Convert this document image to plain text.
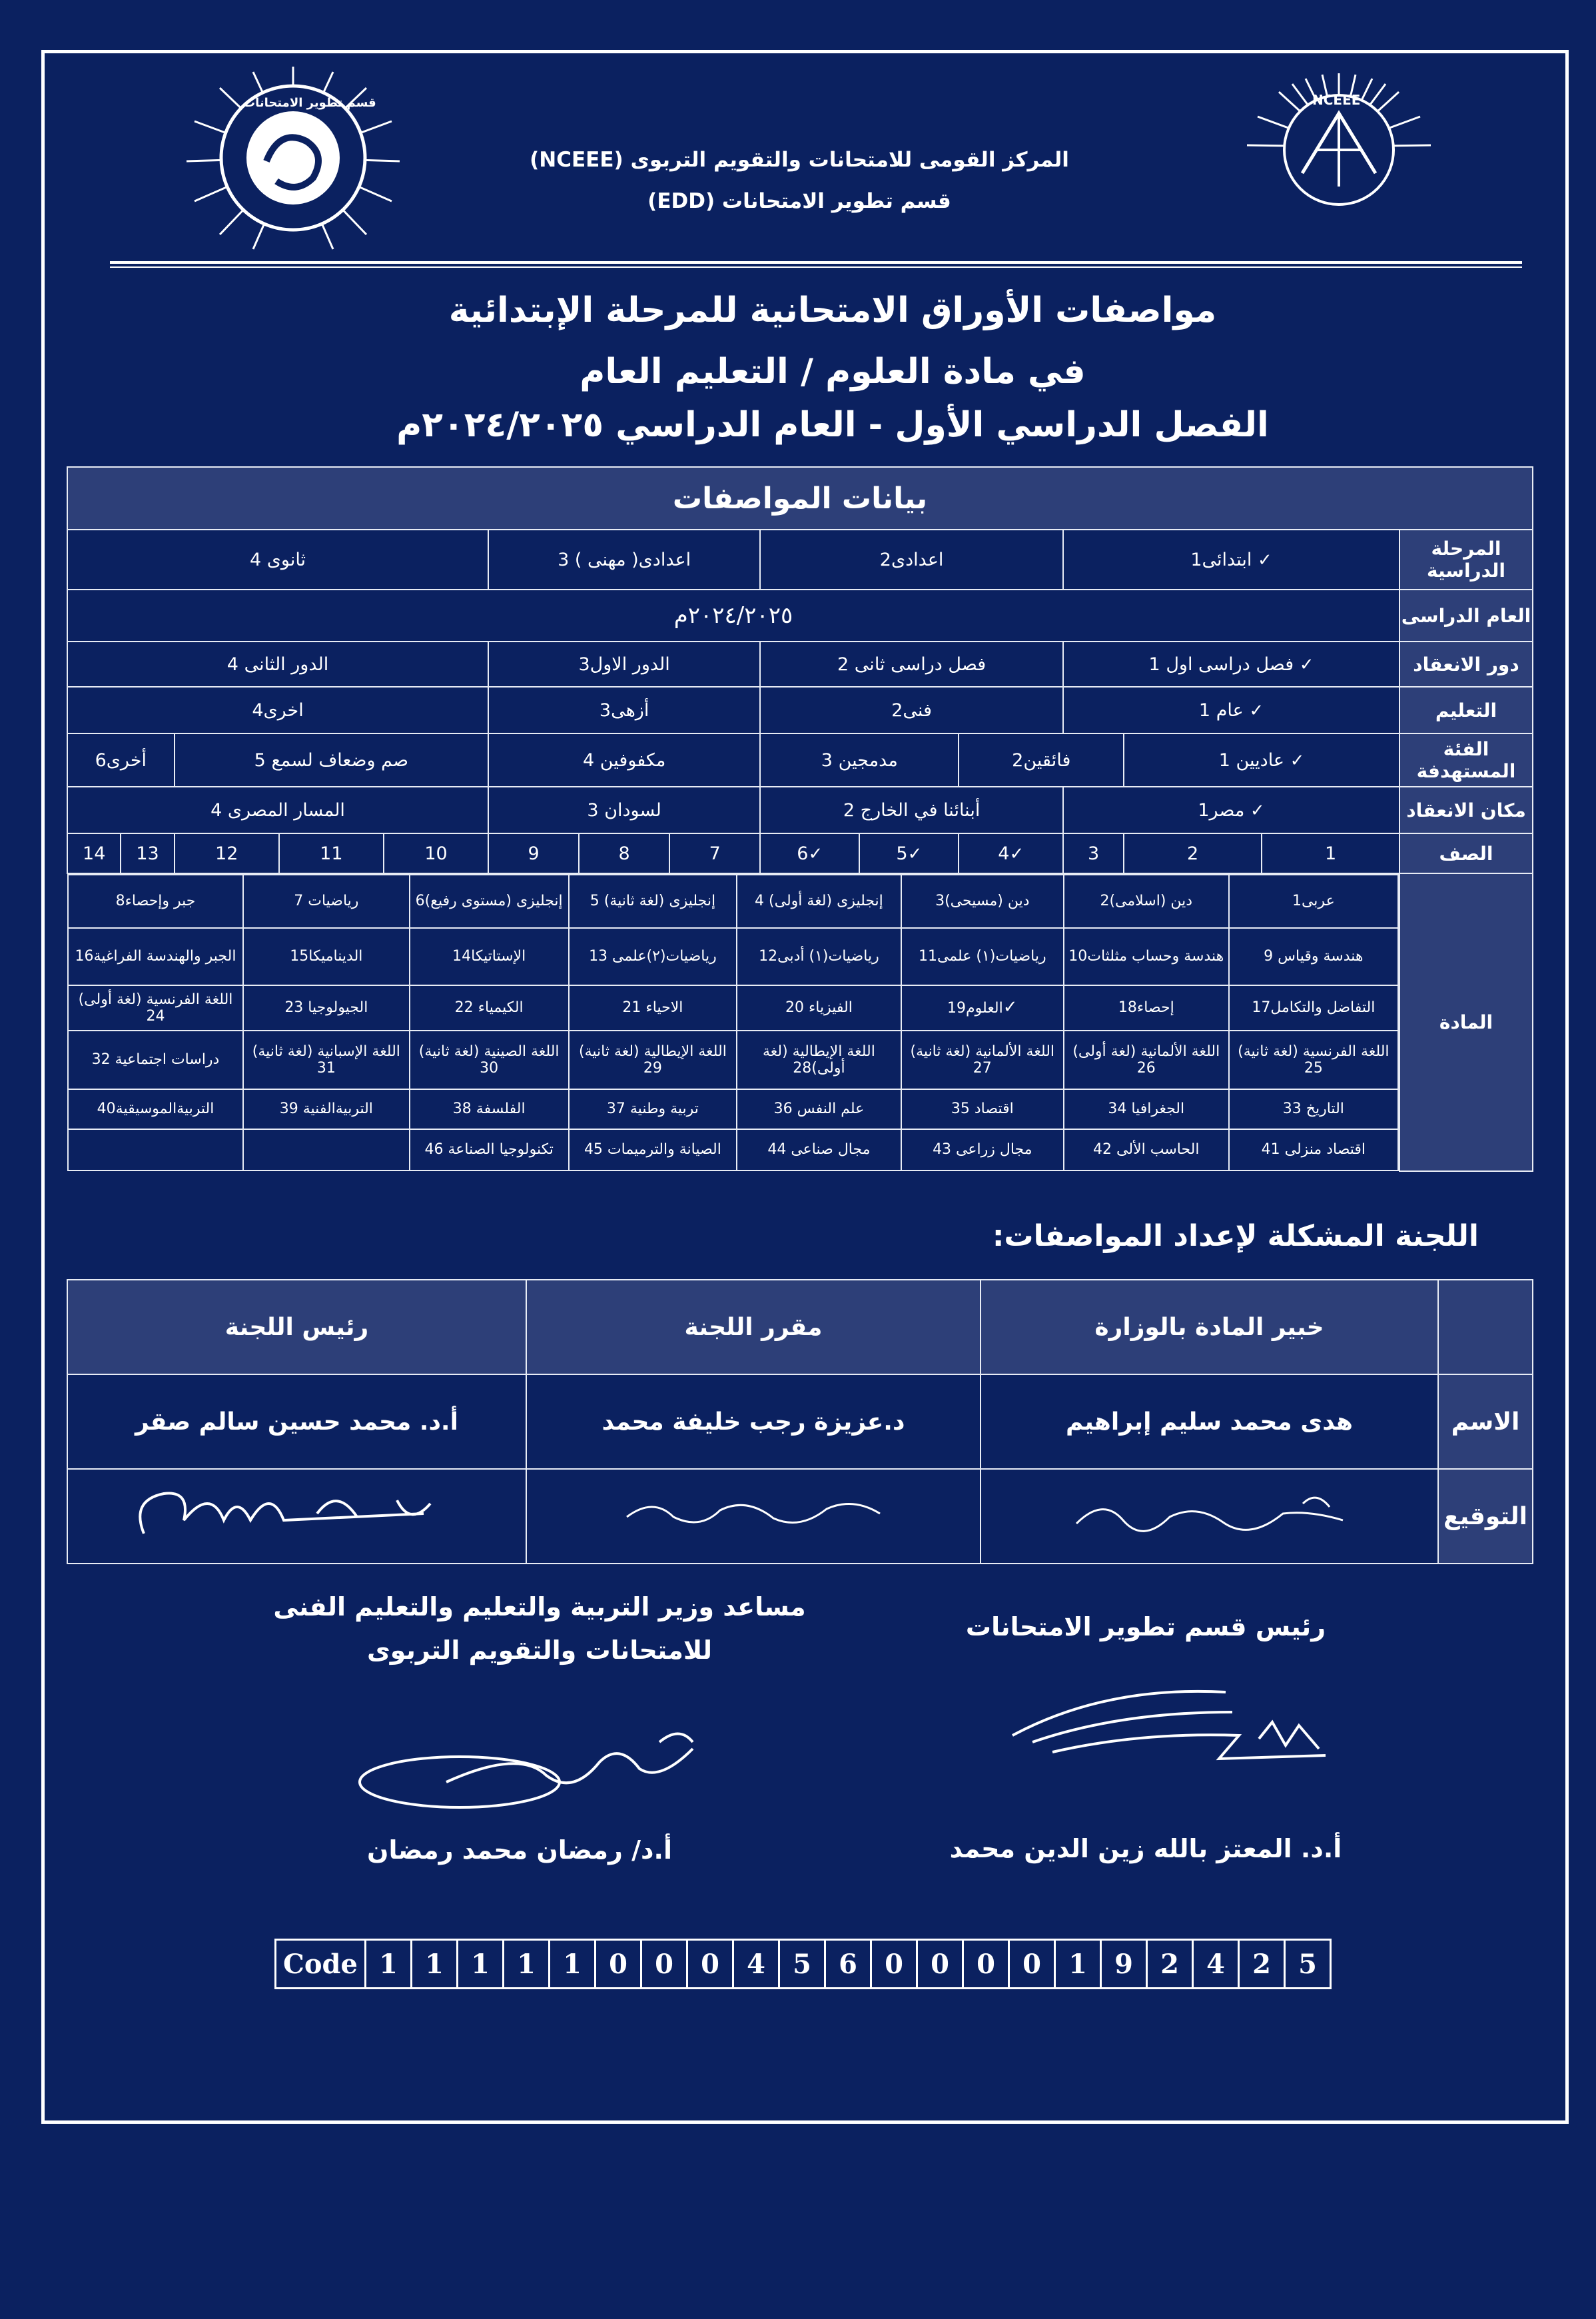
NCEEE
قسم تطوير الامتحانات
المركز القومى للامتحانات والتقويم التربوى (NCEEE)
قسم تطوير الامتحانات (EDD)
مواصفات الأوراق الامتحانية للمرحلة الإبتدائية
في مادة العلوم / التعليم العام
الفصل الدراسي الأول - العام الدراسي ٢٠٢٤/٢٠٢٥م
بيانات المواصفات
المرحلة الدراسية	✓ ابتدائى1	اعدادى2	اعدادى( مهنى ) 3	ثانوى 4
العام الدراسى	٢٠٢٤/٢٠٢٥م
دور الانعقاد	✓ فصل دراسى اول 1	فصل دراسى ثانى 2	الدور الاول3	الدور الثانى 4
التعليم	✓ عام 1	فنى2	أزهى3	اخرى4
الفئة المستهدفة	✓ عاديين 1	فائقين2	مدمجين 3	مكفوفين 4	صم وضعاف لسمع 5	أخرى6
مكان الانعقاد	✓ مصر1	أبنائنا في الخارج 2	لسودان 3	المسار المصرى 4
الصف	1	2	3	✓4	✓5	✓6	7	8	9	10	11	12	13	14
المادة	
عربى1	دين (اسلامى)2	دين (مسيحى)3	إنجليزى (لغة أولى) 4	إنجليزى (لغة ثانية) 5	إنجليزى (مستوى رفيع)6	رياضيات 7	جبر وإحصاء8
هندسة وقياس 9	هندسة وحساب مثلثات10	رياضيات(١) علمى11	رياضيات(١) أدبى12	رياضيات(٢)علمى 13	الإستاتيكا14	الديناميكا15	الجبر والهندسة الفراغية16
التفاضل والتكامل17	إحصاء18	✓العلوم19	الفيزياء 20	الاحياء 21	الكيمياء 22	الجيولوجيا 23	اللغة الفرنسية (لغة أولى) 24
اللغة الفرنسية (لغة ثانية) 25	اللغة الألمانية (لغة أولى) 26	اللغة الألمانية (لغة ثانية) 27	اللغة الإيطالية (لغة أولى)28	اللغة الإيطالية (لغة ثانية) 29	اللغة الصينية (لغة ثانية) 30	اللغة الإسبانية (لغة ثانية) 31	دراسات اجتماعية 32
التاريخ 33	الجغرافيا 34	اقتصاد 35	علم النفس 36	تربية وطنية 37	الفلسفة 38	التربيةالفنية 39	التربيةالموسيقية40
اقتصاد منزلى 41	الحاسب الألى 42	مجال زراعى 43	مجال صناعى 44	الصيانة والترميمات 45	تكنولوجيا الصناعة 46		
اللجنة المشكلة لإعداد المواصفات:
	خبير المادة بالوزارة	مقرر اللجنة	رئيس اللجنة
الاسم	هدى محمد سليم إبراهيم	د.عزيزة رجب خليفة محمد	أ.د. محمد حسين سالم صقر
التوقيع			
رئيس قسم تطوير الامتحانات
أ.د. المعتز بالله زين الدين محمد
مساعد وزير التربية والتعليم والتعليم الفنى
للامتحانات والتقويم التربوى
أ.د/ رمضان محمد رمضان
Code	1	1	1	1	1	0	0	0	4	5	6	0	0	0	0	1	9	2	4	2	5
